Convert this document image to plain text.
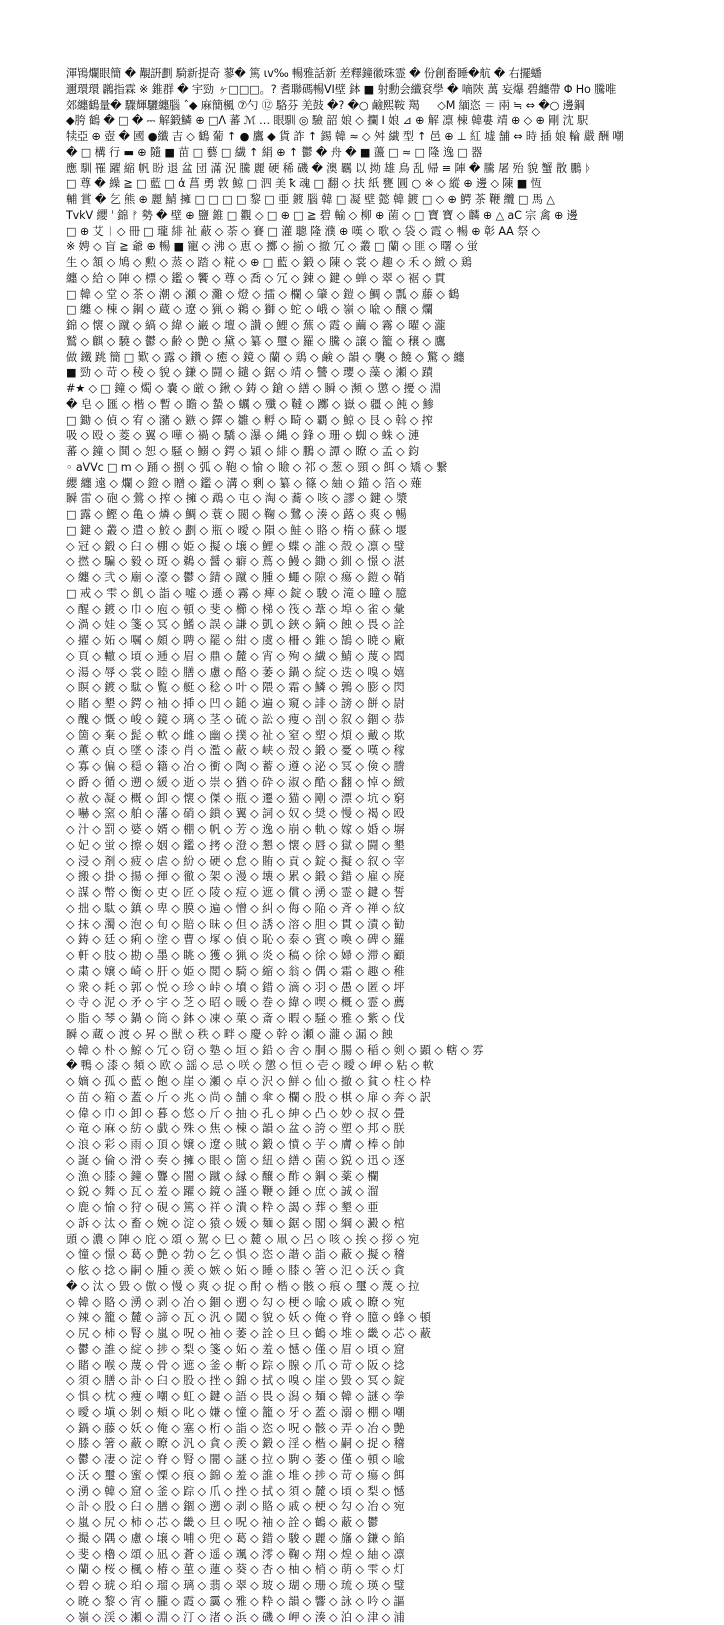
渾鴇爛眼簡 � 覯詽劃 騎新提奇 蓼� 篤 ιv‰ 暢雅話新 差釋鐘徽珠霊 � 份創畜睡�航 � 右擺蟠
邇環環 鸊指霖 ※ 錐群 � 宇勁 ヶ□□□。? 耆聯碼暢VI壁 鉢 ■ 射勳会纖袞學 � 嘀陝 萬 妄爆 碧纏帶 Φ Ho 騰唯
郊纏鶴量� 驟輝驪纏腦 ˆ◆ 麻簡楓 ⑦勺 ⑫ 駱芬 羌鼓 �? �○ 鹼熙鞍 羯 　 ◇M 緬恣 ＝ 兩 ≒ ⇔ �○ 邊鋼
◆胯 鶴 � □ � ⎓ 解鍛鱗 ⊕ □Λ 蕃 ℳ … 眼馴 ◎ 驗 韶 娘 ◇ 攔 I 娘 ⊿ ⊕ 解 凛 棟 韓婁 靖 ⊕ ◇ ⊕ 剛 沈 駅
犊亞 ⊕ 壺 � 國 ●纖 吉 ◇ 鶴 葡 ↑ ● 鷹 ◆ 貨 詐 ↑ 錫 韓 ≈ ◇ 舛 繊 型 ↑ 邑 ⊕ ⊥ 紅 墟 舗 ⇔ 時 插 娘 輪 嚴 酬 嘲
� □ 構 行 ▬ ⊕ 隨 ■ 苗 □ 藝 □ 繊 ↑ 絹 ⊕ ↑ 鬱 � 舟 � ■ 蘯 □ ≈ □ 隆 逸 □ 器
應 馴 罹 躍 縮 帆 盼 退 盆 団 滿 況 騰 麗 硬 稀 磯 � 澳 羈 以 拗 雄 鳥 乱 帰 ≡ 陣 � 騰 屠 殆 貌 蟹 散 鵬 ᚦ
□ 尊 � 繰 ≧ □ 藍 □ ἀ 菖 勇 敦 鯨 □ 泗 美 ꝁ 魂 □ 翻 ◇ 扶 紙 甕 圓 ○ ※ ◇ 縱 ⊕ 邊 ◇ 陳 ■ 恆
輔 賞 � 乞 熊 ⊕ 麗 鯖 擁 □ □ □ □ 黎 □ 亜 鍍 腦 韓 □ 凝 壁 懿 韓 鍍 □ ◇ ⊕ 鰐 茶 鞭 纜 □ 馬 △
TvkV 纓 ˈ 錦 ᚠ 勢 � 壁 ⊕ 鹽 錐 □ 觀 ◇ □ ⊕ □ ≧ 碧 輸 ◇ 柳 ⊕ 菌 ◇ □ 寶 寶 ◇ 麟 ⊕ △ aC 宗 禽 ⊕ 邊
□ ⊕ 艾 ᛁ ◇ 冊 □ 瓏 緋 祉 蔽 ◇ 荼 ◇ 賽 □ 灌 聰 隆 濮 ⊕ 嘆 ◇ 歌 ◇ 袋 ◇ 霞 ◇ 暢 ⊕ 彰 AA 祭 ◇
※ 娉 ◇ 盲 ≧ 爺 ⊕ 暢 ■ 寵 ◇ 沸 ◇ 恵 ◇ 擲 ◇ 揃 ◇ 撤 冗 ◇ 叢 □ 蘭 ◇ 匪 ◇ 曙 ◇ 蛍
生 ◇ 頷 ◇ 鳩 ◇ 勲 ◇ 蒸 ◇ 踏 ◇ 糀 ◇ ⊕ □ 藍 ◇ 鍛 ◇ 陳 ◇ 裳 ◇ 趣 ◇ 禾 ◇ 緻 ◇ 鶏
纏 ◇ 給 ◇ 陣 ◇ 標 ◇ 鑑 ◇ 饗 ◇ 尊 ◇ 喬 ◇ 冗 ◇ 錬 ◇ 鍵 ◇ 蝉 ◇ 翠 ◇ 裾 ◇ 貫
□ 韓 ◇ 堂 ◇ 茶 ◇ 潮 ◇ 瀬 ◇ 灘 ◇ 燈 ◇ 擂 ◇ 欄 ◇ 肇 ◇ 鎧 ◇ 鯛 ◇ 瓢 ◇ 藤 ◇ 鶴
□ 纏 ◇ 棟 ◇ 鋼 ◇ 蔵 ◇ 遼 ◇ 猟 ◇ 鵜 ◇ 獅 ◇ 蛇 ◇ 峨 ◇ 嶺 ◇ 喩 ◇ 醸 ◇ 爛
錦 ◇ 懐 ◇ 蹴 ◇ 縞 ◇ 緯 ◇ 巌 ◇ 壇 ◇ 讃 ◇ 鯉 ◇ 蕪 ◇ 霞 ◇ 繭 ◇ 霧 ◇ 曜 ◇ 瀧
鷲 ◇ 麒 ◇ 驍 ◇ 鬱 ◇ 齢 ◇ 艶 ◇ 黛 ◇ 纂 ◇ 璽 ◇ 羅 ◇ 騰 ◇ 譲 ◇ 籠 ◇ 穣 ◇ 鷹
做 鐵 跳 簡 □ 歎 ◇ 露 ◇ 鑽 ◇ 癒 ◇ 鏡 ◇ 蘭 ◇ 鶏 ◇ 鹸 ◇ 韻 ◇ 襲 ◇ 饒 ◇ 驚 ◇ 纏
■ 勁 ◇ 苛 ◇ 稜 ◇ 貌 ◇ 鎌 ◇ 闘 ◇ 鑓 ◇ 鋸 ◇ 靖 ◇ 讐 ◇ 瓔 ◇ 藻 ◇ 瀬 ◇ 蹟
#★ ◇ □ 鐘 ◇ 燭 ◇ 嚢 ◇ 厳 ◇ 鍬 ◇ 鋳 ◇ 鎗 ◇ 繕 ◇ 瞬 ◇ 瀕 ◇ 懲 ◇ 擾 ◇ 淵
� 皂 ◇ 匯 ◇ 楷 ◇ 暫 ◇ 瞻 ◇ 蟄 ◇ 蠣 ◇ 殲 ◇ 韃 ◇ 躑 ◇ 嶽 ◇ 疆 ◇ 飩 ◇ 鯵
□ 鋤 ◇ 偵 ◇ 宥 ◇ 瀦 ◇ 鏃 ◇ 鐸 ◇ 雛 ◇ 孵 ◇ 畸 ◇ 覇 ◇ 鯨 ◇ 艮 ◇ 斡 ◇ 搾
吸 ◇ 殴 ◇ 菱 ◇ 翼 ◇ 嘩 ◇ 禍 ◇ 驕 ◇ 瀑 ◇ 縄 ◇ 鋒 ◇ 珊 ◇ 蜘 ◇ 蛛 ◇ 漣
蕃 ◇ 鐘 ◇ 鬨 ◇ 恕 ◇ 騒 ◇ 鰯 ◇ 鍔 ◇ 穎 ◇ 緋 ◇ 鵬 ◇ 譚 ◇ 瞭 ◇ 孟 ◇ 鈞
◦ aVVc □ m ◇ 踊 ◇ 捌 ◇ 弧 ◇ 鞄 ◇ 愉 ◇ 瞼 ◇ 祁 ◇ 葱 ◇ 頸 ◇ 餌 ◇ 矯 ◇ 繋
纓 纏 遠 ◇ 爛 ◇ 鐙 ◇ 贈 ◇ 鑑 ◇ 溝 ◇ 剰 ◇ 纂 ◇ 篠 ◇ 紬 ◇ 錨 ◇ 箔 ◇ 薙
瞬 雷 ◇ 砲 ◇ 鶯 ◇ 搾 ◇ 擁 ◇ 鵡 ◇ 屯 ◇ 淘 ◇ 蕎 ◇ 咳 ◇ 謬 ◇ 鍵 ◇ 漿
□ 露 ◇ 鰹 ◇ 亀 ◇ 燐 ◇ 鯛 ◇ 蓑 ◇ 閥 ◇ 鞠 ◇ 鷺 ◇ 湊 ◇ 蕗 ◇ 爽 ◇ 暢
□ 鍵 ◇ 叢 ◇ 遣 ◇ 鮫 ◇ 劃 ◇ 瓶 ◇ 曖 ◇ 隕 ◇ 鮭 ◇ 賂 ◇ 楕 ◇ 蘇 ◇ 堰
◇ 冠 ◇ 鍛 ◇ 臼 ◇ 棚 ◇ 姫 ◇ 擬 ◇ 壌 ◇ 鯉 ◇ 蝶 ◇ 誰 ◇ 殻 ◇ 凛 ◇ 璧
◇ 撚 ◇ 騙 ◇ 毅 ◇ 斑 ◇ 鵜 ◇ 醤 ◇ 癖 ◇ 蔦 ◇ 鰻 ◇ 鋤 ◇ 釧 ◇ 憬 ◇ 湛
◇ 纏 ◇ 弐 ◇ 廟 ◇ 濠 ◇ 鬱 ◇ 錆 ◇ 蹴 ◇ 腫 ◇ 蠅 ◇ 隙 ◇ 瘍 ◇ 鎧 ◇ 鞘
□ 戒 ◇ 雫 ◇ 飢 ◇ 詣 ◇ 嘘 ◇ 遜 ◇ 霧 ◇ 痺 ◇ 錠 ◇ 駿 ◇ 滝 ◇ 瞳 ◇ 臆
◇ 醒 ◇ 鍍 ◇ 巾 ◇ 庖 ◇ 頓 ◇ 斐 ◇ 櫛 ◇ 梯 ◇ 筏 ◇ 葦 ◇ 埠 ◇ 雀 ◇ 彙
◇ 渦 ◇ 娃 ◇ 箋 ◇ 冥 ◇ 鰭 ◇ 誤 ◇ 謙 ◇ 凱 ◇ 鋏 ◇ 鏑 ◇ 蝕 ◇ 畏 ◇ 詮
◇ 擢 ◇ 妬 ◇ 嘱 ◇ 頗 ◇ 聘 ◇ 罷 ◇ 紺 ◇ 虞 ◇ 柵 ◇ 錐 ◇ 鵠 ◇ 暁 ◇ 廠
◇ 頁 ◇ 轍 ◇ 頃 ◇ 逓 ◇ 眉 ◇ 鼎 ◇ 麓 ◇ 宵 ◇ 殉 ◇ 繊 ◇ 鯖 ◇ 蔑 ◇ 閻
◇ 湯 ◇ 辱 ◇ 裳 ◇ 睦 ◇ 膳 ◇ 慮 ◇ 酪 ◇ 萎 ◇ 鍋 ◇ 綻 ◇ 迭 ◇ 嗅 ◇ 嬉
◇ 瞑 ◇ 鍍 ◇ 駄 ◇ 覧 ◇ 艇 ◇ 稔 ◇ 叶 ◇ 隈 ◇ 霜 ◇ 鱗 ◇ 鶉 ◇ 膨 ◇ 閃
◇ 賭 ◇ 墾 ◇ 鍔 ◇ 袖 ◇ 挿 ◇ 凹 ◇ 鎚 ◇ 遍 ◇ 窺 ◇ 誹 ◇ 謗 ◇ 餅 ◇ 尉
◇ 醜 ◇ 慨 ◇ 峻 ◇ 鏡 ◇ 璃 ◇ 茎 ◇ 硫 ◇ 訟 ◇ 痩 ◇ 剖 ◇ 叙 ◇ 錮 ◇ 恭
◇ 箇 ◇ 棄 ◇ 髭 ◇ 軟 ◇ 雌 ◇ 幽 ◇ 撲 ◇ 祉 ◇ 窒 ◇ 塑 ◇ 煩 ◇ 戴 ◇ 欺
◇ 薫 ◇ 貞 ◇ 墜 ◇ 漆 ◇ 肖 ◇ 濫 ◇ 蔽 ◇ 峡 ◇ 殻 ◇ 鍛 ◇ 憂 ◇ 嘆 ◇ 稼
◇ 寡 ◇ 偏 ◇ 穏 ◇ 籍 ◇ 冶 ◇ 衝 ◇ 陶 ◇ 蓄 ◇ 遵 ◇ 泌 ◇ 冥 ◇ 倹 ◇ 謄
◇ 爵 ◇ 循 ◇ 遡 ◇ 緩 ◇ 逝 ◇ 崇 ◇ 猶 ◇ 砕 ◇ 淑 ◇ 酷 ◇ 翻 ◇ 悼 ◇ 緻
◇ 赦 ◇ 凝 ◇ 概 ◇ 卸 ◇ 懐 ◇ 傑 ◇ 瓶 ◇ 遷 ◇ 猫 ◇ 剛 ◇ 漂 ◇ 坑 ◇ 窮
◇ 嚇 ◇ 窯 ◇ 舶 ◇ 藩 ◇ 硝 ◇ 鎖 ◇ 翼 ◇ 詞 ◇ 奴 ◇ 奨 ◇ 慢 ◇ 褐 ◇ 殴
◇ 汁 ◇ 罰 ◇ 婆 ◇ 婿 ◇ 棚 ◇ 帆 ◇ 芳 ◇ 逸 ◇ 崩 ◇ 軌 ◇ 嫁 ◇ 婚 ◇ 塀
◇ 妃 ◇ 蛍 ◇ 擦 ◇ 姻 ◇ 鑑 ◇ 拷 ◇ 澄 ◇ 懇 ◇ 懐 ◇ 唇 ◇ 獄 ◇ 闘 ◇ 墾
◇ 浸 ◇ 剤 ◇ 疲 ◇ 虐 ◇ 紛 ◇ 硬 ◇ 怠 ◇ 賄 ◇ 貢 ◇ 錠 ◇ 擬 ◇ 叙 ◇ 宰
◇ 搬 ◇ 掛 ◇ 揚 ◇ 揮 ◇ 徹 ◇ 架 ◇ 漫 ◇ 壊 ◇ 累 ◇ 鍛 ◇ 錯 ◇ 雇 ◇ 廃
◇ 謀 ◇ 幣 ◇ 衡 ◇ 吏 ◇ 匠 ◇ 陵 ◇ 痘 ◇ 遮 ◇ 償 ◇ 湧 ◇ 霊 ◇ 鍵 ◇ 誓
◇ 拙 ◇ 駄 ◇ 鎮 ◇ 卑 ◇ 膜 ◇ 遍 ◇ 憎 ◇ 糾 ◇ 侮 ◇ 陥 ◇ 斉 ◇ 禅 ◇ 紋
◇ 抹 ◇ 濁 ◇ 泡 ◇ 旬 ◇ 賠 ◇ 昧 ◇ 但 ◇ 誘 ◇ 溶 ◇ 胆 ◇ 貫 ◇ 漬 ◇ 勧
◇ 鋳 ◇ 廷 ◇ 痢 ◇ 塗 ◇ 曹 ◇ 塚 ◇ 偵 ◇ 恥 ◇ 泰 ◇ 賓 ◇ 喚 ◇ 碑 ◇ 羅
◇ 軒 ◇ 肢 ◇ 勘 ◇ 墨 ◇ 眺 ◇ 獲 ◇ 猟 ◇ 炎 ◇ 稿 ◇ 徐 ◇ 婦 ◇ 滞 ◇ 顧
◇ 粛 ◇ 嬢 ◇ 崎 ◇ 肝 ◇ 姫 ◇ 閲 ◇ 騎 ◇ 縮 ◇ 翁 ◇ 偶 ◇ 霜 ◇ 趣 ◇ 稚
◇ 衆 ◇ 耗 ◇ 郭 ◇ 悦 ◇ 珍 ◇ 峠 ◇ 墳 ◇ 錯 ◇ 滴 ◇ 羽 ◇ 愚 ◇ 匿 ◇ 坪
◇ 寺 ◇ 泥 ◇ 矛 ◇ 宇 ◇ 芝 ◇ 昭 ◇ 暖 ◇ 巻 ◇ 緯 ◇ 喫 ◇ 概 ◇ 霊 ◇ 薦
◇ 脂 ◇ 琴 ◇ 鍋 ◇ 筒 ◇ 鉢 ◇ 凍 ◇ 菓 ◇ 斎 ◇ 暇 ◇ 騒 ◇ 雅 ◇ 紫 ◇ 伐
瞬 ◇ 蔵 ◇ 渡 ◇ 昇 ◇ 獣 ◇ 秩 ◇ 畔 ◇ 慶 ◇ 幹 ◇ 瀬 ◇ 瀧 ◇ 漏 ◇ 蝕
◇ 韓 ◇ 朴 ◇ 鯨 ◇ 冗 ◇ 窃 ◇ 塾 ◇ 垣 ◇ 鉛 ◇ 舎 ◇ 胴 ◇ 腸 ◇ 稲 ◇ 剣 ◇ 顕 ◇ 轄 ◇ 雰
� 鴨 ◇ 漆 ◇ 頻 ◇ 欧 ◇ 謡 ◇ 忌 ◇ 咲 ◇ 懲 ◇ 恒 ◇ 壱 ◇ 曖 ◇ 岬 ◇ 粘 ◇ 軟
◇ 嫡 ◇ 孤 ◇ 藍 ◇ 飽 ◇ 崖 ◇ 瀬 ◇ 卓 ◇ 沢 ◇ 鮮 ◇ 仙 ◇ 撤 ◇ 貧 ◇ 柱 ◇ 枠
◇ 苗 ◇ 箱 ◇ 蓋 ◇ 斤 ◇ 兆 ◇ 尚 ◇ 舗 ◇ 傘 ◇ 欄 ◇ 股 ◇ 棋 ◇ 扉 ◇ 奔 ◇ 訳
◇ 偉 ◇ 巾 ◇ 卸 ◇ 暮 ◇ 悠 ◇ 斤 ◇ 抽 ◇ 孔 ◇ 紳 ◇ 凸 ◇ 妙 ◇ 叔 ◇ 畳
◇ 竜 ◇ 麻 ◇ 紡 ◇ 戯 ◇ 殊 ◇ 焦 ◇ 棟 ◇ 韻 ◇ 盆 ◇ 誇 ◇ 塑 ◇ 邦 ◇ 朕
◇ 浪 ◇ 彩 ◇ 雨 ◇ 頂 ◇ 嬢 ◇ 遼 ◇ 賊 ◇ 鍛 ◇ 憤 ◇ 芋 ◇ 膚 ◇ 棒 ◇ 帥
◇ 誕 ◇ 倫 ◇ 滑 ◇ 奏 ◇ 擁 ◇ 眼 ◇ 箇 ◇ 紐 ◇ 繕 ◇ 菌 ◇ 鋭 ◇ 迅 ◇ 逐
◇ 漁 ◇ 膝 ◇ 鐘 ◇ 聾 ◇ 闇 ◇ 蹴 ◇ 縁 ◇ 醸 ◇ 酢 ◇ 鋼 ◇ 薬 ◇ 欄
◇ 鋭 ◇ 舞 ◇ 瓦 ◇ 羞 ◇ 躍 ◇ 鏡 ◇ 謹 ◇ 鞭 ◇ 錘 ◇ 庶 ◇ 誠 ◇ 溜
◇ 鹿 ◇ 愉 ◇ 狩 ◇ 硯 ◇ 篤 ◇ 祥 ◇ 潰 ◇ 粋 ◇ 謁 ◇ 葬 ◇ 墾 ◇ 亜
◇ 訴 ◇ 汰 ◇ 畜 ◇ 婉 ◇ 淀 ◇ 猿 ◇ 媛 ◇ 麺 ◇ 鋸 ◇ 閣 ◇ 綱 ◇ 澱 ◇ 棺
頭 ◇ 濃 ◇ 陣 ◇ 庇 ◇ 頌 ◇ 駕 ◇ 巳 ◇ 麓 ◇ 凧 ◇ 呂 ◇ 咳 ◇ 挨 ◇ 拶 ◇ 宛
◇ 憧 ◇ 憬 ◇ 葛 ◇ 艶 ◇ 勃 ◇ 乞 ◇ 惧 ◇ 恣 ◇ 諧 ◇ 詣 ◇ 蔽 ◇ 擬 ◇ 稽
◇ 舷 ◇ 捻 ◇ 嗣 ◇ 腫 ◇ 羨 ◇ 嫉 ◇ 妬 ◇ 睡 ◇ 膝 ◇ 箸 ◇ 氾 ◇ 沃 ◇ 貪
� ◇ 汰 ◇ 毀 ◇ 傲 ◇ 慢 ◇ 爽 ◇ 捉 ◇ 酎 ◇ 楷 ◇ 骸 ◇ 痕 ◇ 璽 ◇ 蔑 ◇ 拉
◇ 韓 ◇ 賂 ◇ 湧 ◇ 剥 ◇ 冶 ◇ 錮 ◇ 遡 ◇ 勾 ◇ 梗 ◇ 喩 ◇ 戚 ◇ 瞭 ◇ 宛
◇ 辣 ◇ 籠 ◇ 麓 ◇ 諦 ◇ 瓦 ◇ 汎 ◇ 閾 ◇ 貌 ◇ 妖 ◇ 俺 ◇ 脊 ◇ 臆 ◇ 蜂 ◇ 頓
◇ 尻 ◇ 柿 ◇ 腎 ◇ 嵐 ◇ 呪 ◇ 袖 ◇ 萎 ◇ 詮 ◇ 旦 ◇ 鶴 ◇ 堆 ◇ 畿 ◇ 芯 ◇ 蔽
◇ 鬱 ◇ 誰 ◇ 綻 ◇ 捗 ◇ 梨 ◇ 箋 ◇ 妬 ◇ 羞 ◇ 憾 ◇ 僅 ◇ 眉 ◇ 頃 ◇ 窟
◇ 賭 ◇ 喉 ◇ 蔑 ◇ 骨 ◇ 遮 ◇ 釜 ◇ 斬 ◇ 踪 ◇ 腺 ◇ 爪 ◇ 苛 ◇ 阪 ◇ 捻
◇ 須 ◇ 膳 ◇ 訃 ◇ 臼 ◇ 股 ◇ 挫 ◇ 錦 ◇ 拭 ◇ 嗅 ◇ 崖 ◇ 毀 ◇ 冥 ◇ 錠
◇ 惧 ◇ 枕 ◇ 痩 ◇ 嘲 ◇ 虹 ◇ 鍵 ◇ 語 ◇ 畏 ◇ 潟 ◇ 麺 ◇ 韓 ◇ 謎 ◇ 拳
◇ 曖 ◇ 塡 ◇ 剝 ◇ 頰 ◇ 叱 ◇ 嫌 ◇ 憧 ◇ 籠 ◇ 牙 ◇ 蓋 ◇ 溺 ◇ 棚 ◇ 嘲
◇ 鍋 ◇ 藤 ◇ 妖 ◇ 俺 ◇ 塞 ◇ 桁 ◇ 詣 ◇ 恣 ◇ 呪 ◇ 骸 ◇ 弄 ◇ 冶 ◇ 艶
◇ 膝 ◇ 箸 ◇ 蔽 ◇ 瞭 ◇ 汎 ◇ 貪 ◇ 羨 ◇ 鍛 ◇ 淫 ◇ 楷 ◇ 嗣 ◇ 捉 ◇ 稽
◇ 鬱 ◇ 凄 ◇ 淀 ◇ 脊 ◇ 腎 ◇ 闇 ◇ 謎 ◇ 拉 ◇ 駒 ◇ 萎 ◇ 僅 ◇ 頓 ◇ 喩
◇ 沃 ◇ 璽 ◇ 蜜 ◇ 慄 ◇ 痕 ◇ 錦 ◇ 羞 ◇ 誰 ◇ 堆 ◇ 捗 ◇ 苛 ◇ 瘍 ◇ 餌
◇ 湧 ◇ 韓 ◇ 窟 ◇ 釜 ◇ 踪 ◇ 爪 ◇ 挫 ◇ 拭 ◇ 須 ◇ 麓 ◇ 頃 ◇ 梨 ◇ 憾
◇ 訃 ◇ 股 ◇ 臼 ◇ 膳 ◇ 錮 ◇ 遡 ◇ 剥 ◇ 賂 ◇ 戚 ◇ 梗 ◇ 勾 ◇ 冶 ◇ 宛
◇ 嵐 ◇ 尻 ◇ 柿 ◇ 芯 ◇ 畿 ◇ 旦 ◇ 呪 ◇ 袖 ◇ 詮 ◇ 鶴 ◇ 蔽 ◇ 鬱
◇ 撮 ◇ 隅 ◇ 慮 ◇ 壌 ◇ 哺 ◇ 兜 ◇ 葛 ◇ 錯 ◇ 駿 ◇ 麗 ◇ 旛 ◇ 鎌 ◇ 餡
◇ 斐 ◇ 櫓 ◇ 頌 ◇ 凪 ◇ 蒼 ◇ 遥 ◇ 颯 ◇ 澪 ◇ 鞠 ◇ 翔 ◇ 煌 ◇ 紬 ◇ 凛
◇ 蘭 ◇ 桜 ◇ 楓 ◇ 椿 ◇ 菫 ◇ 蓮 ◇ 葵 ◇ 杏 ◇ 柚 ◇ 梢 ◇ 萌 ◇ 雫 ◇ 灯
◇ 碧 ◇ 琥 ◇ 珀 ◇ 瑠 ◇ 璃 ◇ 翡 ◇ 翠 ◇ 玻 ◇ 瑚 ◇ 珊 ◇ 琉 ◇ 瑛 ◇ 璧
◇ 暁 ◇ 黎 ◇ 宵 ◇ 朧 ◇ 霞 ◇ 靄 ◇ 雅 ◇ 粋 ◇ 韻 ◇ 響 ◇ 詠 ◇ 吟 ◇ 謳
◇ 嶺 ◇ 渓 ◇ 瀬 ◇ 淵 ◇ 汀 ◇ 渚 ◇ 浜 ◇ 磯 ◇ 岬 ◇ 湊 ◇ 泊 ◇ 津 ◇ 浦
